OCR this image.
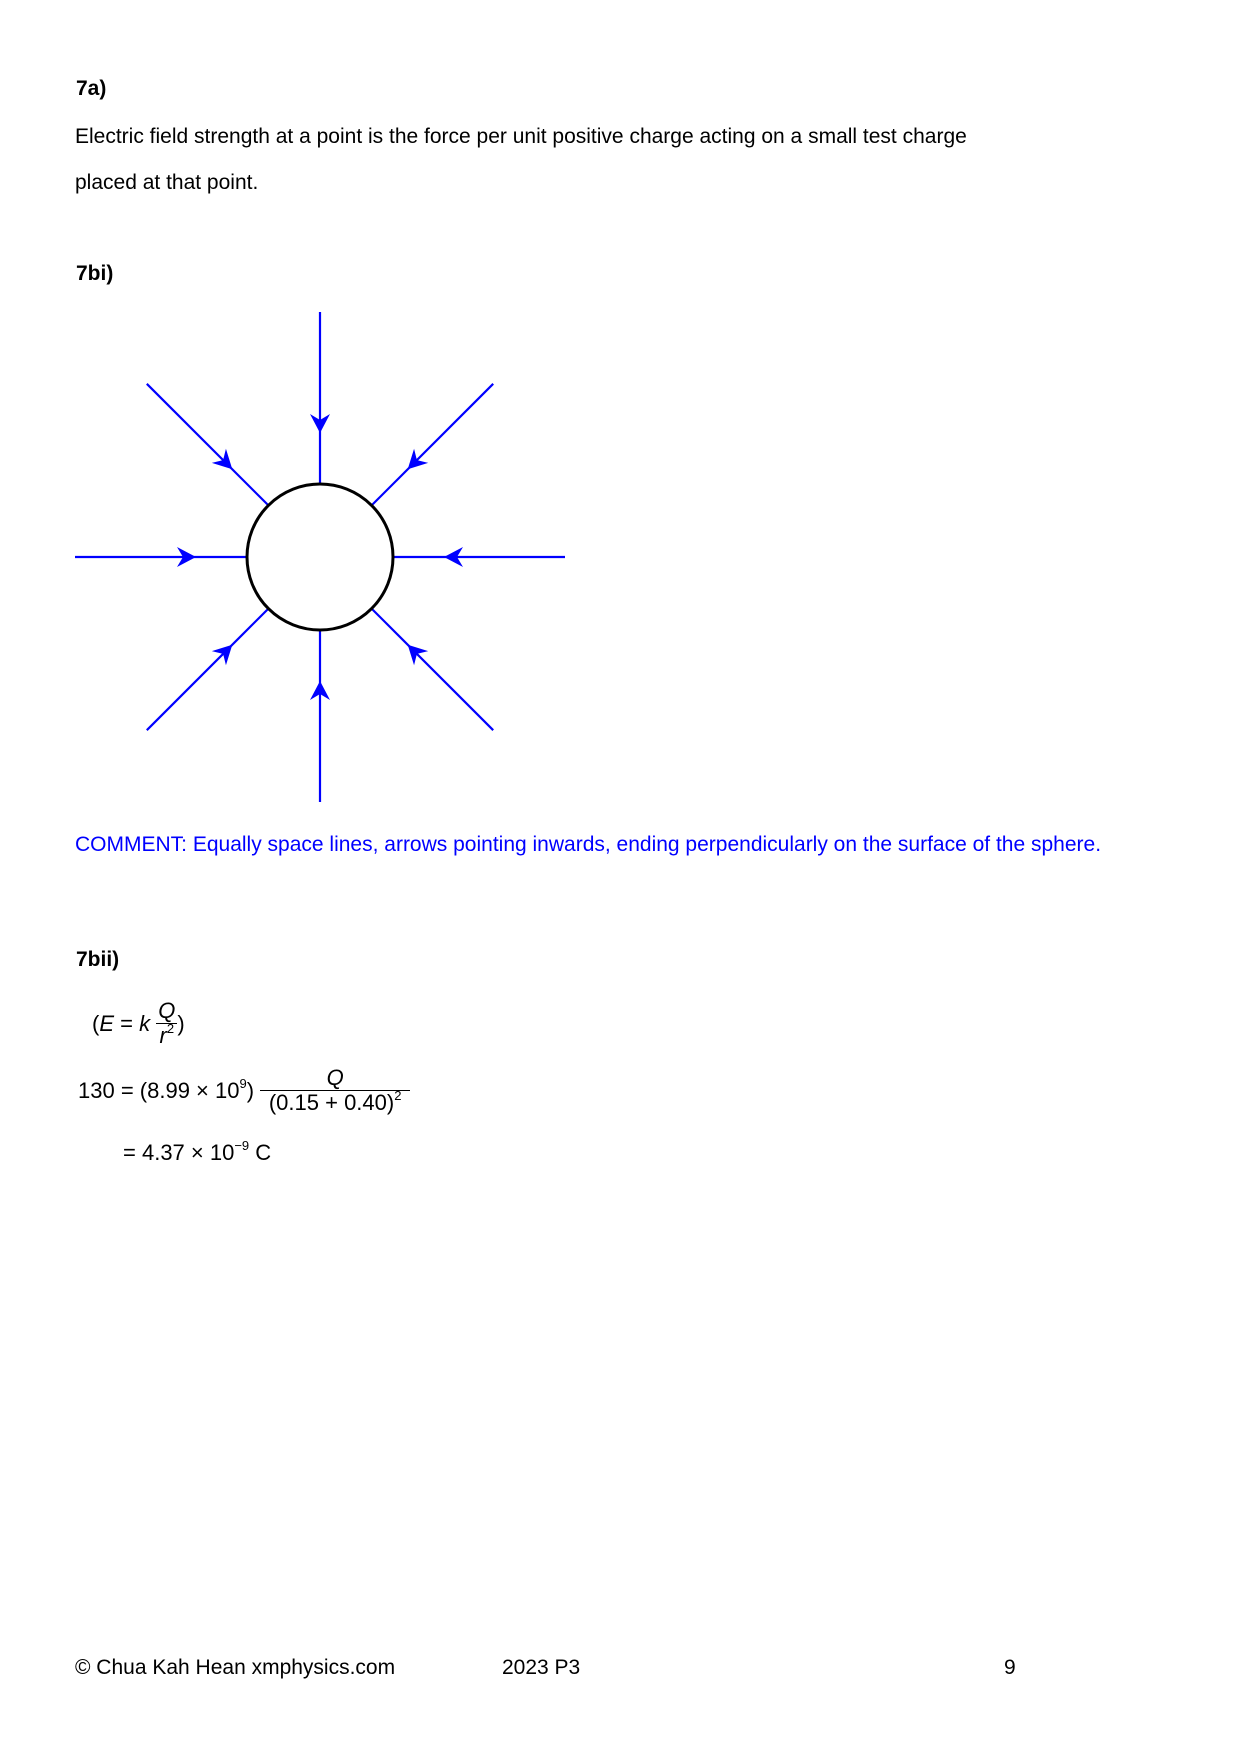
7a)
Electric field strength at a point is the force per unit positive charge acting on a small test charge
placed at that point.
7bi)
COMMENT: Equally space lines, arrows pointing inwards, ending perpendicularly on the surface of the sphere.
7bii)
(E = k $\frac{Q}{r^2}$ )
$130 = (8.99 \times 10^9) \frac{Q}{(0.15 + 0.40)^2}$
= $4.37 \times 10^{-9}$ C
© Chua Kah Hean xmphysics.com	2023 P3	9
